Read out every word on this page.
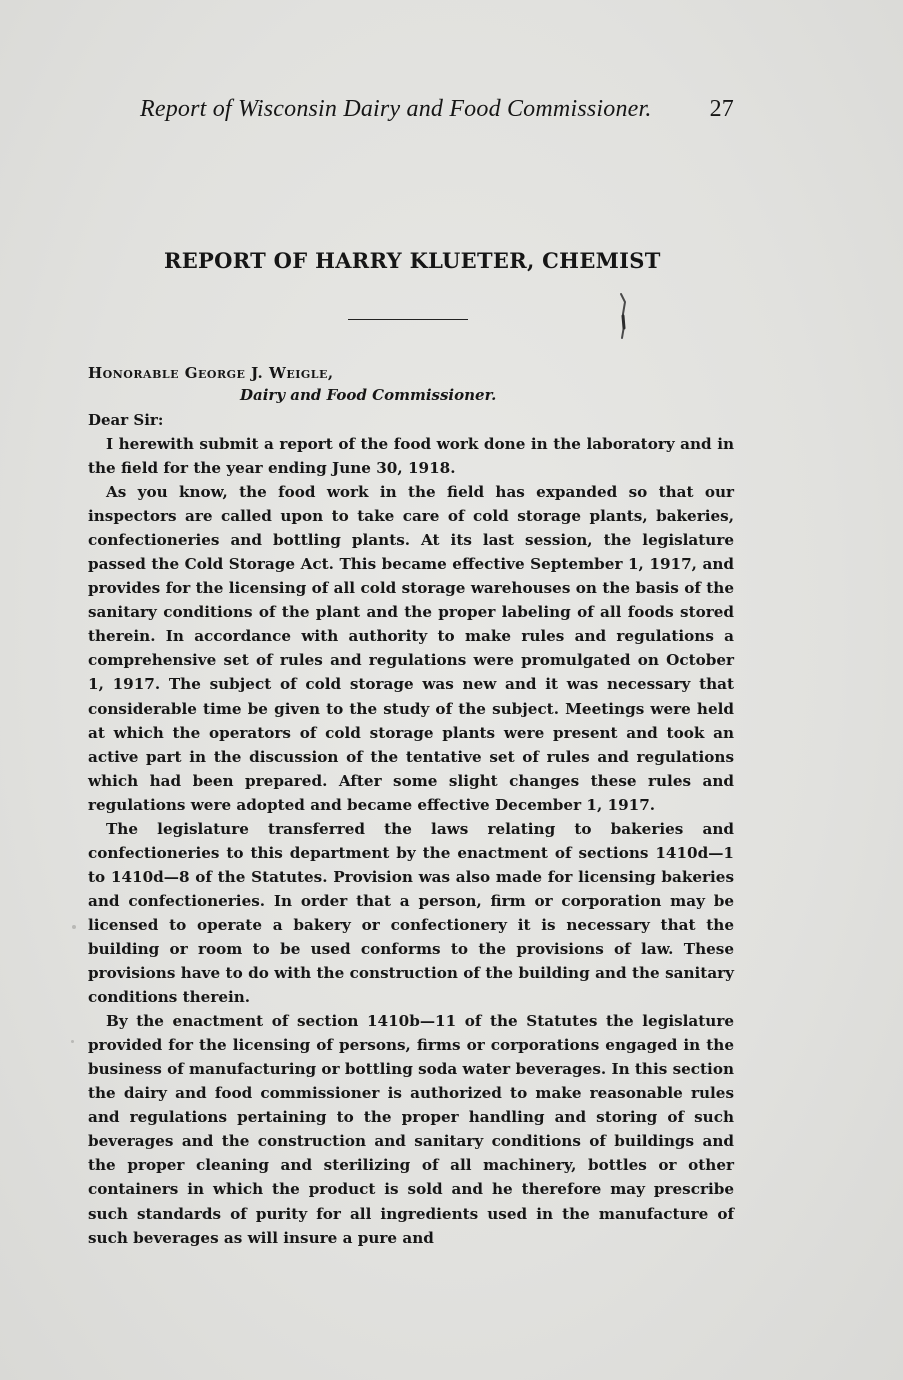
Report of Wisconsin Dairy and Food Commissioner. 27
REPORT OF HARRY KLUETER, CHEMIST
Honorable George J. Weigle,
Dairy and Food Commissioner.
Dear Sir:

I herewith submit a report of the food work done in the laboratory and in the field for the year ending June 30, 1918.

As you know, the food work in the field has expanded so that our inspectors are called upon to take care of cold storage plants, bakeries, confectioneries and bottling plants. At its last session, the legislature passed the Cold Storage Act. This became effective September 1, 1917, and provides for the licensing of all cold storage warehouses on the basis of the sanitary conditions of the plant and the proper labeling of all foods stored therein. In accordance with authority to make rules and regulations a comprehensive set of rules and regulations were promulgated on October 1, 1917. The subject of cold storage was new and it was necessary that considerable time be given to the study of the subject. Meetings were held at which the operators of cold storage plants were present and took an active part in the discussion of the tentative set of rules and regulations which had been prepared. After some slight changes these rules and regulations were adopted and became effective December 1, 1917.

The legislature transferred the laws relating to bakeries and confectioneries to this department by the enactment of sections 1410d—1 to 1410d—8 of the Statutes. Provision was also made for licensing bakeries and confectioneries. In order that a person, firm or corporation may be licensed to operate a bakery or confectionery it is necessary that the building or room to be used conforms to the provisions of law. These provisions have to do with the construction of the building and the sanitary conditions therein.

By the enactment of section 1410b—11 of the Statutes the legislature provided for the licensing of persons, firms or corporations engaged in the business of manufacturing or bottling soda water beverages. In this section the dairy and food commissioner is authorized to make reasonable rules and regulations pertaining to the proper handling and storing of such beverages and the construction and sanitary conditions of buildings and the proper cleaning and sterilizing of all machinery, bottles or other containers in which the product is sold and he therefore may prescribe such standards of purity for all ingredients used in the manufacture of such beverages as will insure a pure and
